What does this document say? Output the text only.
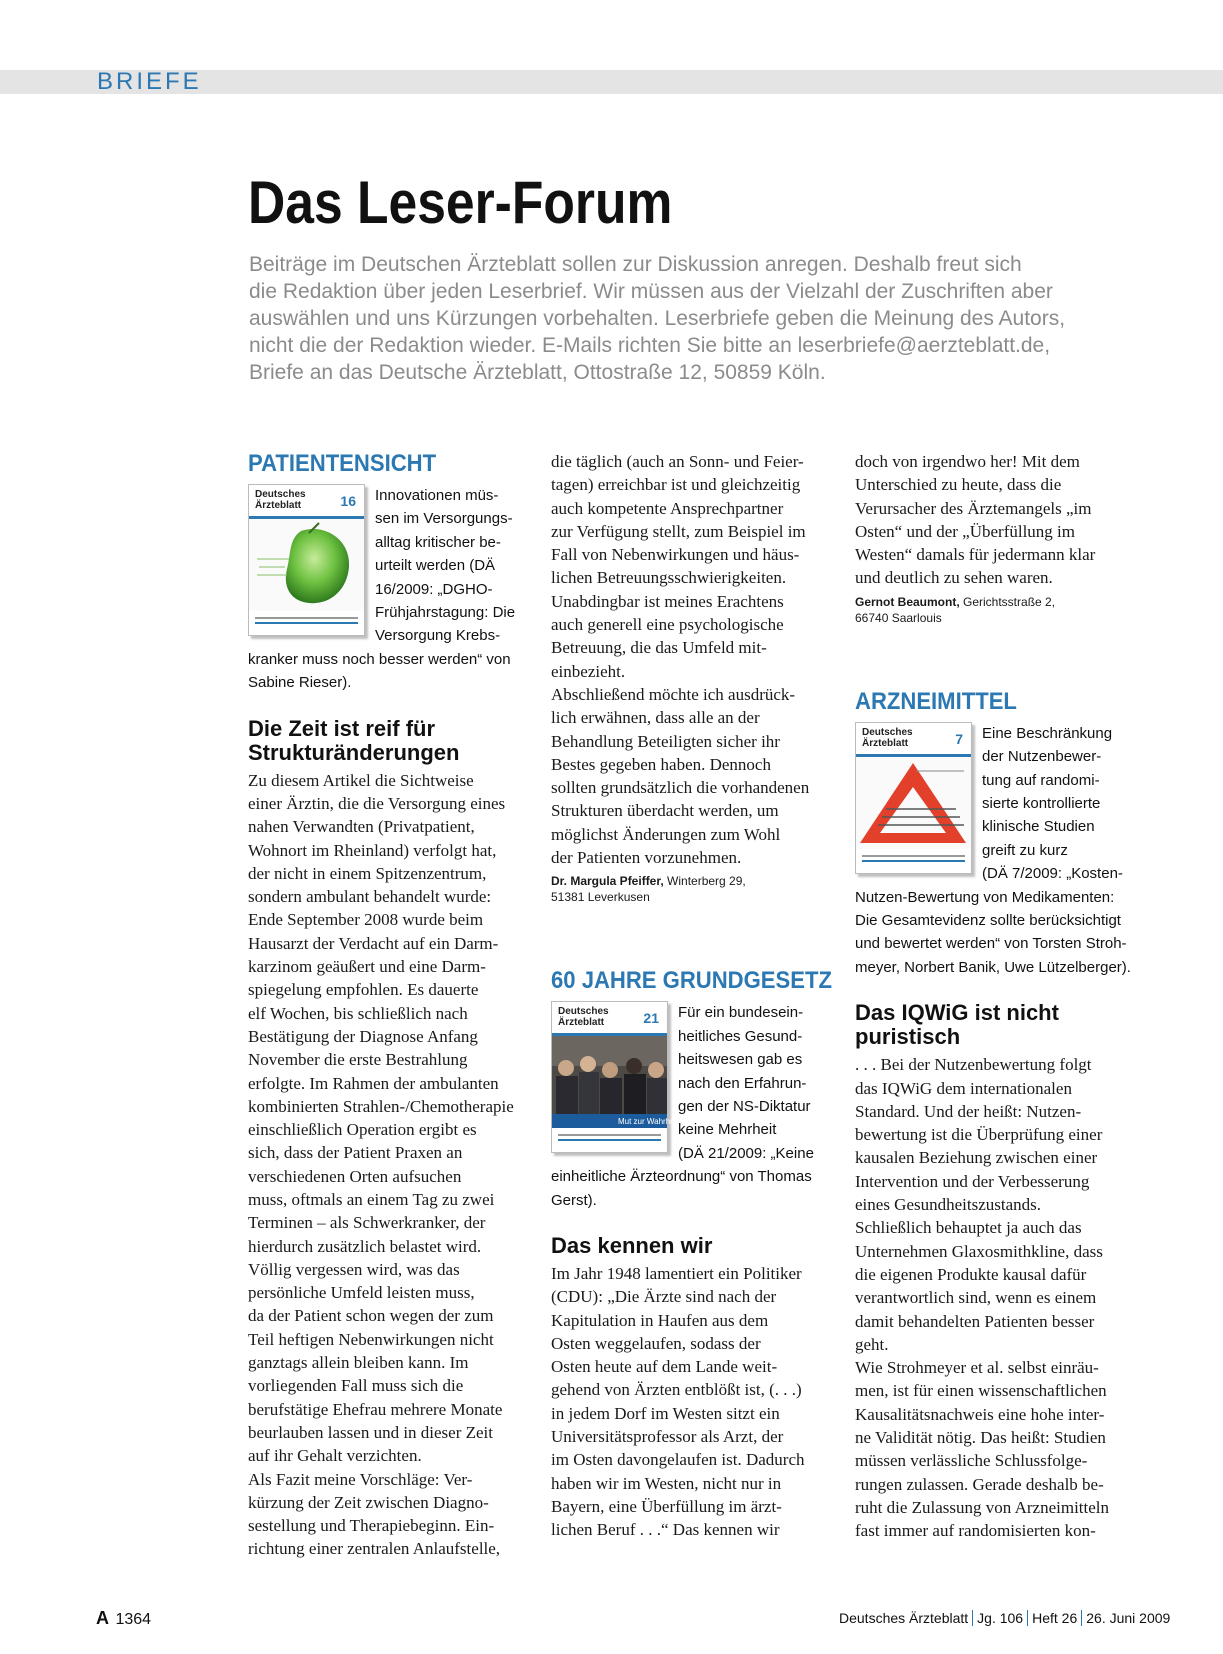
BRIEFE
Das Leser-Forum
Beiträge im Deutschen Ärzteblatt sollen zur Diskussion anregen. Deshalb freut sich
die Redaktion über jeden Leserbrief. Wir müssen aus der Vielzahl der Zuschriften aber
auswählen und uns Kürzungen vorbehalten. Leserbriefe geben die Meinung des Autors,
nicht die der Redaktion wieder. E-Mails richten Sie bitte an leserbriefe@aerzteblatt.de,
Briefe an das Deutsche Ärzteblatt, Ottostraße 12, 50859 Köln.
PATIENTENSICHT
Deutsches
Ärzteblatt	16	Innovationen müs-
sen im Versorgungs-
alltag kritischer be-
urteilt werden (DÄ
16/2009: „DGHO-
Frühjahrstagung: Die
Versorgung Krebs-
kranker muss noch besser werden“ von
Sabine Rieser).
Die Zeit ist reif für
Strukturänderungen
Zu diesem Artikel die Sichtweise
einer Ärztin, die die Versorgung eines
nahen Verwandten (Privatpatient,
Wohnort im Rheinland) verfolgt hat,
der nicht in einem Spitzenzentrum,
sondern ambulant behandelt wurde:
Ende September 2008 wurde beim
Hausarzt der Verdacht auf ein Darm-
karzinom geäußert und eine Darm-
spiegelung empfohlen. Es dauerte
elf Wochen, bis schließlich nach
Bestätigung der Diagnose Anfang
November die erste Bestrahlung
erfolgte. Im Rahmen der ambulanten
kombinierten Strahlen-/Chemotherapie
einschließlich Operation ergibt es
sich, dass der Patient Praxen an
verschiedenen Orten aufsuchen
muss, oftmals an einem Tag zu zwei
Terminen – als Schwerkranker, der
hierdurch zusätzlich belastet wird.
Völlig vergessen wird, was das
persönliche Umfeld leisten muss,
da der Patient schon wegen der zum
Teil heftigen Nebenwirkungen nicht
ganztags allein bleiben kann. Im
vorliegenden Fall muss sich die
berufstätige Ehefrau mehrere Monate
beurlauben lassen und in dieser Zeit
auf ihr Gehalt verzichten.
Als Fazit meine Vorschläge: Ver-
kürzung der Zeit zwischen Diagno-
sestellung und Therapiebeginn. Ein-
richtung einer zentralen Anlaufstelle,
die täglich (auch an Sonn- und Feier-
tagen) erreichbar ist und gleichzeitig
auch kompetente Ansprechpartner
zur Verfügung stellt, zum Beispiel im
Fall von Nebenwirkungen und häus-
lichen Betreuungsschwierigkeiten.
Unabdingbar ist meines Erachtens
auch generell eine psychologische
Betreuung, die das Umfeld mit-
einbezieht.
Abschließend möchte ich ausdrück-
lich erwähnen, dass alle an der
Behandlung Beteiligten sicher ihr
Bestes gegeben haben. Dennoch
sollten grundsätzlich die vorhandenen
Strukturen überdacht werden, um
möglichst Änderungen zum Wohl
der Patienten vorzunehmen.
Dr. Margula Pfeiffer, Winterberg 29,
51381 Leverkusen
60 JAHRE GRUNDGESETZ
Deutsches
Ärzteblatt	21
Mut zur Wahrheit
Für ein bundesein-
heitliches Gesund-
heitswesen gab es
nach den Erfahrun-
gen der NS-Diktatur
keine Mehrheit
(DÄ 21/2009: „Keine
einheitliche Ärzteordnung“ von Thomas
Gerst).
Das kennen wir
Im Jahr 1948 lamentiert ein Politiker
(CDU): „Die Ärzte sind nach der
Kapitulation in Haufen aus dem
Osten weggelaufen, sodass der
Osten heute auf dem Lande weit-
gehend von Ärzten entblößt ist, (. . .)
in jedem Dorf im Westen sitzt ein
Universitätsprofessor als Arzt, der
im Osten davongelaufen ist. Dadurch
haben wir im Westen, nicht nur in
Bayern, eine Überfüllung im ärzt-
lichen Beruf . . .“ Das kennen wir
doch von irgendwo her! Mit dem
Unterschied zu heute, dass die
Verursacher des Ärztemangels „im
Osten“ und der „Überfüllung im
Westen“ damals für jedermann klar
und deutlich zu sehen waren.
Gernot Beaumont, Gerichtsstraße 2,
66740 Saarlouis
ARZNEIMITTEL
Deutsches
Ärzteblatt	7	Eine Beschränkung
der Nutzenbewer-
tung auf randomi-
sierte kontrollierte
klinische Studien
greift zu kurz
(DÄ 7/2009: „Kosten-
Nutzen-Bewertung von Medikamenten:
Die Gesamtevidenz sollte berücksichtigt
und bewertet werden“ von Torsten Stroh-
meyer, Norbert Banik, Uwe Lützelberger).
Das IQWiG ist nicht
puristisch
. . . Bei der Nutzenbewertung folgt
das IQWiG dem internationalen
Standard. Und der heißt: Nutzen-
bewertung ist die Überprüfung einer
kausalen Beziehung zwischen einer
Intervention und der Verbesserung
eines Gesundheitszustands.
Schließlich behauptet ja auch das
Unternehmen Glaxosmithkline, dass
die eigenen Produkte kausal dafür
verantwortlich sind, wenn es einem
damit behandelten Patienten besser
geht.
Wie Strohmeyer et al. selbst einräu-
men, ist für einen wissenschaftlichen
Kausalitätsnachweis eine hohe inter-
ne Validität nötig. Das heißt: Studien
müssen verlässliche Schlussfolge-
rungen zulassen. Gerade deshalb be-
ruht die Zulassung von Arzneimitteln
fast immer auf randomisierten kon-
A 1364	Deutsches Ärzteblatt Jg. 106 Heft 26 26. Juni 2009
